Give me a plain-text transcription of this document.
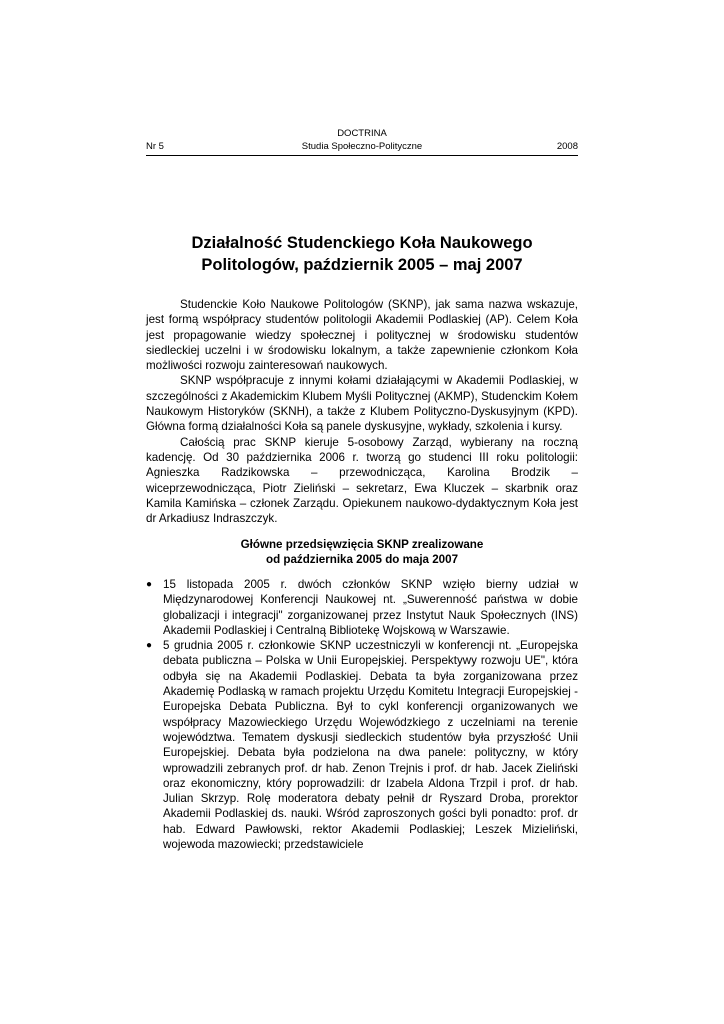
DOCTRINA
Nr 5	Studia Społeczno-Polityczne	2008
Działalność Studenckiego Koła Naukowego
Politologów, październik 2005 – maj 2007

Studenckie Koło Naukowe Politologów (SKNP), jak sama nazwa wskazuje, jest formą współpracy studentów politologii Akademii Podlaskiej (AP). Celem Koła jest propagowanie wiedzy społecznej i politycznej w środowisku studentów siedleckiej uczelni i w środowisku lokalnym, a także zapewnienie członkom Koła możliwości rozwoju zainteresowań naukowych.

SKNP współpracuje z innymi kołami działającymi w Akademii Podlaskiej, w szczególności z Akademickim Klubem Myśli Politycznej (AKMP), Studenckim Kołem Naukowym Historyków (SKNH), a także z Klubem Polityczno-Dyskusyjnym (KPD). Główna formą działalności Koła są panele dyskusyjne, wykłady, szkolenia i kursy.

Całością prac SKNP kieruje 5-osobowy Zarząd, wybierany na roczną kadencję. Od 30 października 2006 r. tworzą go studenci III roku politologii: Agnieszka Radzikowska – przewodnicząca, Karolina Brodzik – wiceprzewodnicząca, Piotr Zieliński – sekretarz, Ewa Kluczek – skarbnik oraz Kamila Kamińska – członek Zarządu. Opiekunem naukowo-dydaktycznym Koła jest dr Arkadiusz Indraszczyk.

Główne przedsięwzięcia SKNP zrealizowane
od października 2005 do maja 2007
● 15 listopada 2005 r. dwóch członków SKNP wzięło bierny udział w Międzynarodowej Konferencji Naukowej nt. „Suwerenność państwa w dobie globalizacji i integracji" zorganizowanej przez Instytut Nauk Społecznych (INS) Akademii Podlaskiej i Centralną Bibliotekę Wojskową w Warszawie.
● 5 grudnia 2005 r. członkowie SKNP uczestniczyli w konferencji nt. „Europejska debata publiczna – Polska w Unii Europejskiej. Perspektywy rozwoju UE", która odbyła się na Akademii Podlaskiej. Debata ta była zorganizowana przez Akademię Podlaską w ramach projektu Urzędu Komitetu Integracji Europejskiej - Europejska Debata Publiczna. Był to cykl konferencji organizowanych we współpracy Mazowieckiego Urzędu Wojewódzkiego z uczelniami na terenie województwa. Tematem dyskusji siedleckich studentów była przyszłość Unii Europejskiej. Debata była podzielona na dwa panele: polityczny, w który wprowadzili zebranych prof. dr hab. Zenon Trejnis i prof. dr hab. Jacek Zieliński oraz ekonomiczny, który poprowadzili: dr Izabela Aldona Trzpil i prof. dr hab. Julian Skrzyp. Rolę moderatora debaty pełnił dr Ryszard Droba, prorektor Akademii Podlaskiej ds. nauki. Wśród zaproszonych gości byli ponadto: prof. dr hab. Edward Pawłowski, rektor Akademii Podlaskiej; Leszek Mizieliński, wojewoda mazowiecki; przedstawiciele
